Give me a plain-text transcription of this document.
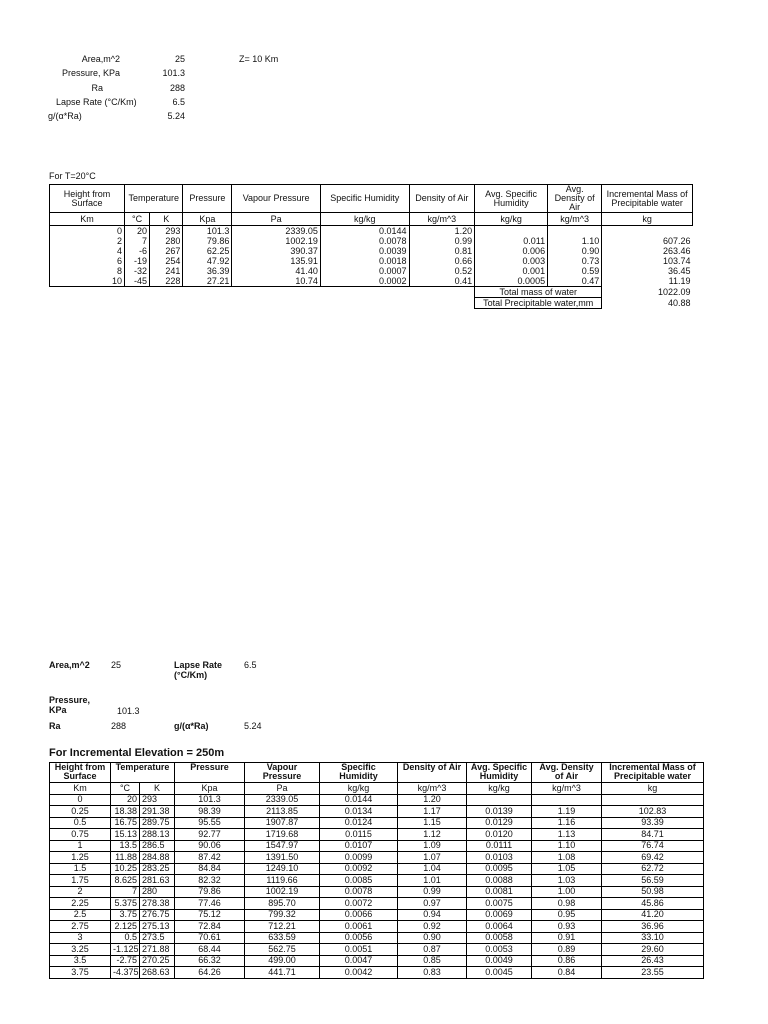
Area,m^2	25	Z= 10 Km
Pressure, KPa	101.3
Ra	288
Lapse Rate (°C/Km)	6.5
g/(α*Ra)	5.24
For T=20°C
Height from Surface	Temperature		Pressure	Vapour Pressure	Specific Humidity	Density of Air	Avg. Specific Humidity	Avg. Density of Air	Incremental Mass of Precipitable water
Km	°C	K	Kpa	Pa	kg/kg	kg/m^3	kg/kg	kg/m^3	kg
0	20	293	101.3	2339.05	0.0144	1.20			
2	7	280	79.86	1002.19	0.0078	0.99	0.011	1.10	607.26
4	-6	267	62.25	390.37	0.0039	0.81	0.006	0.90	263.46
6	-19	254	47.92	135.91	0.0018	0.66	0.003	0.73	103.74
8	-32	241	36.39	41.40	0.0007	0.52	0.001	0.59	36.45
10	-45	228	27.21	10.74	0.0002	0.41	0.0005	0.47	11.19
							Total mass of water		1022.09
							Total Precipitable water,mm		40.88
Area,m^2	25	Lapse Rate (°C/Km)
6.5
Pressure, KPa	101.3
Ra	288	g/(α*Ra)	5.24
For Incremental Elevation = 250m
Height from Surface	Temperature		Pressure	Vapour Pressure	Specific Humidity	Density of Air	Avg. Specific Humidity	Avg. Density of Air	Incremental Mass of Precipitable water
Km	°C	K	Kpa	Pa	kg/kg	kg/m^3	kg/kg	kg/m^3	kg
0	20	293	101.3	2339.05	0.0144	1.20			
0.25	18.38	291.38	98.39	2113.85	0.0134	1.17	0.0139	1.19	102.83
0.5	16.75	289.75	95.55	1907.87	0.0124	1.15	0.0129	1.16	93.39
0.75	15.13	288.13	92.77	1719.68	0.0115	1.12	0.0120	1.13	84.71
1	13.5	286.5	90.06	1547.97	0.0107	1.09	0.0111	1.10	76.74
1.25	11.88	284.88	87.42	1391.50	0.0099	1.07	0.0103	1.08	69.42
1.5	10.25	283.25	84.84	1249.10	0.0092	1.04	0.0095	1.05	62.72
1.75	8.625	281.63	82.32	1119.66	0.0085	1.01	0.0088	1.03	56.59
2	7	280	79.86	1002.19	0.0078	0.99	0.0081	1.00	50.98
2.25	5.375	278.38	77.46	895.70	0.0072	0.97	0.0075	0.98	45.86
2.5	3.75	276.75	75.12	799.32	0.0066	0.94	0.0069	0.95	41.20
2.75	2.125	275.13	72.84	712.21	0.0061	0.92	0.0064	0.93	36.96
3	0.5	273.5	70.61	633.59	0.0056	0.90	0.0058	0.91	33.10
3.25	-1.125	271.88	68.44	562.75	0.0051	0.87	0.0053	0.89	29.60
3.5	-2.75	270.25	66.32	499.00	0.0047	0.85	0.0049	0.86	26.43
3.75	-4.375	268.63	64.26	441.71	0.0042	0.83	0.0045	0.84	23.55
